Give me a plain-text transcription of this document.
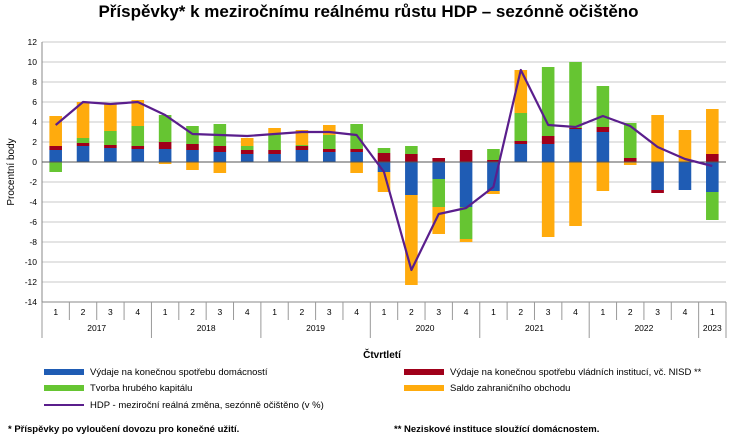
Příspěvky* k meziročnímu reálnému růstu HDP – sezónně očištěno
12
10
8
6
4
2
0
-2
-4
-6
-8
-10
-12
-14
1	2	3	4	1	2	3	4	1	2	3	4	1	2	3	4	1	2	3	4	1	2	3	4	1
2017	2018	2019	2020	2021	2022	2023
Procentní body
Čtvrtletí
Výdaje na konečnou spotřebu domácností	Výdaje na konečnou spotřebu vládních institucí, vč. NISD **
Tvorba hrubého kapitálu	Saldo zahraničního obchodu
HDP - meziroční reálná změna, sezónně očištěno (v %)
* Příspěvky po vyloučení dovozu pro konečné užití.	** Neziskové instituce sloužící domácnostem.
